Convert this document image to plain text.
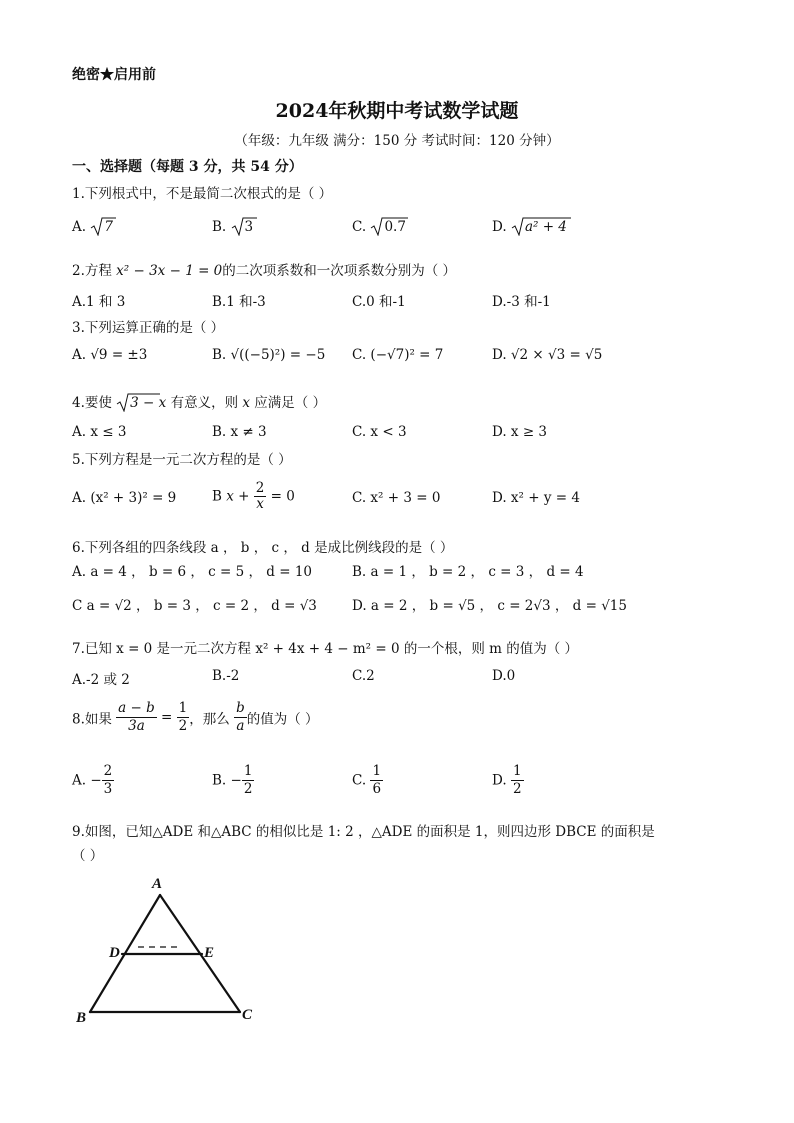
绝密★启用前
2024年秋期中考试数学试题
（年级：九年级 满分：150 分 考试时间：120 分钟）
一、选择题（每题 3 分，共 54 分）
1.下列根式中，不是最简二次根式的是（ ）
A. 7	B. 3	C. 0.7	D. a² + 4
2.方程 x² − 3x − 1 = 0的二次项系数和一次项系数分别为（ ）
A.1 和 3	B.1 和-3	C.0 和-1	D.-3 和-1
3.下列运算正确的是（ ）
A. √9 = ±3	B. √((−5)²) = −5 C. (−√7)² = 7	D. √2 × √3 = √5
4.要使 3 − x 有意义，则 x 应满足（ ）
A. x ≤ 3	B. x ≠ 3	C. x < 3	D. x ≥ 3
5.下列方程是一元二次方程的是（ ）
A. (x² + 3)² = 9	B $x + \frac{2}{x} = 0$	C. x² + 3 = 0	D. x² + y = 4
6.下列各组的四条线段 a ， b ， c ， d 是成比例线段的是（ ）
A. a = 4 ， b = 6 ， c = 5 ， d = 10	B. a = 1 ， b = 2 ， c = 3 ， d = 4
C a = √2 ， b = 3 ， c = 2 ， d = √3	D. a = 2 ， b = √5 ， c = 2√3 ， d = √15
7.已知 x = 0 是一元二次方程 x² + 4x + 4 − m² = 0 的一个根，则 m 的值为（ ）
A.-2 或 2	B.-2	C.2	D.0
8.如果 $\frac{a - b}{3a} = \frac{1}{2}$ ，那么 $\frac{b}{a}$ 的值为（ ）
A. − $\frac{2}{3}$	B. − $\frac{1}{2}$	C. $\frac{1}{6}$	D. $\frac{1}{2}$
9.如图，已知△ADE 和△ABC 的相似比是 1: 2 ，△ADE 的面积是 1，则四边形 DBCE 的面积是
（ ）
A
D	E
B	C
